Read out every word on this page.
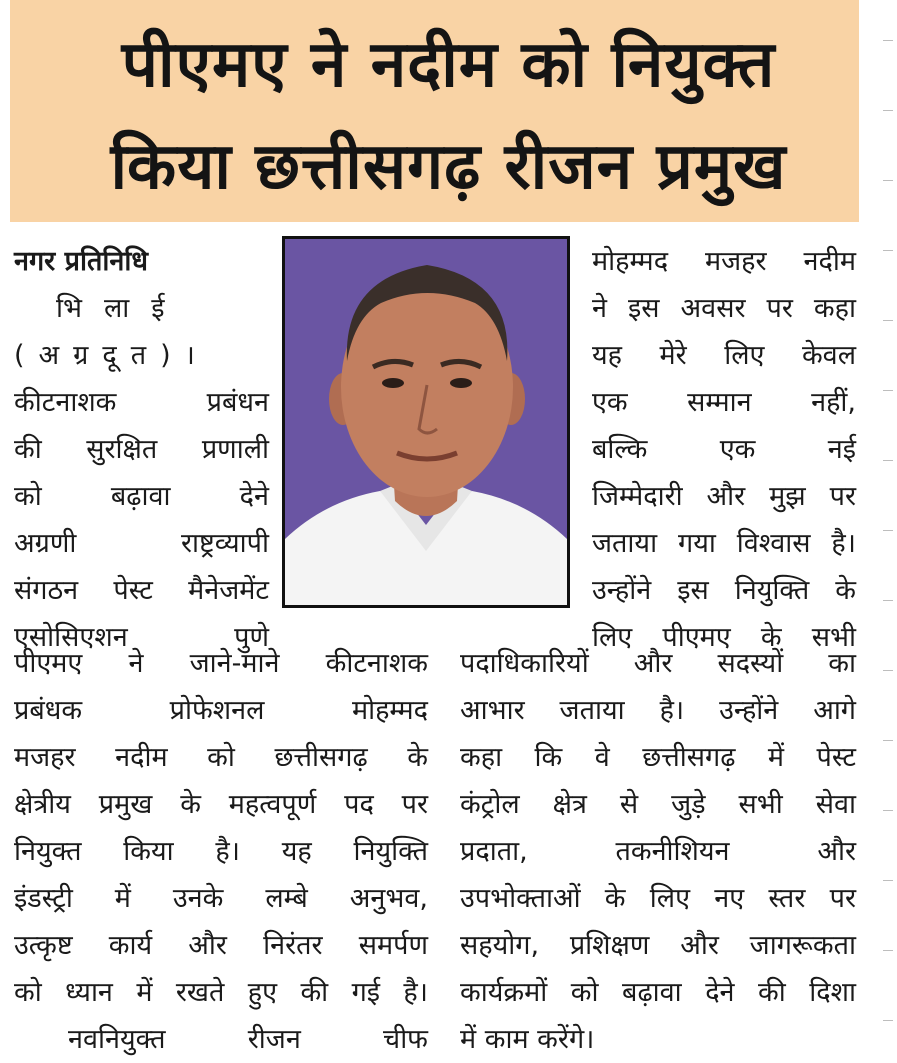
पीएमए ने नदीम को नियुक्त
किया छत्तीसगढ़ रीजन प्रमुख
नगर प्रतिनिधि
भिलाई
(अग्रदूत)।
कीटनाशक प्रबंधन
की सुरक्षित प्रणाली
को बढ़ावा देने
अग्रणी राष्ट्रव्यापी
संगठन पेस्ट मैनेजमेंट
एसोसिएशन पुणे
मोहम्मद मजहर नदीम
ने इस अवसर पर कहा
यह मेरे लिए केवल
एक सम्मान नहीं,
बल्कि एक नई
जिम्मेदारी और मुझ पर
जताया गया विश्वास है।
उन्होंने इस नियुक्ति के
लिए पीएमए के सभी
पीएमए ने जाने-माने कीटनाशक
प्रबंधक प्रोफेशनल मोहम्मद
मजहर नदीम को छत्तीसगढ़ के
क्षेत्रीय प्रमुख के महत्वपूर्ण पद पर
नियुक्त किया है। यह नियुक्ति
इंडस्ट्री में उनके लम्बे अनुभव,
उत्कृष्ट कार्य और निरंतर समर्पण
को ध्यान में रखते हुए की गई है।
नवनियुक्त रीजन चीफ
पदाधिकारियों और सदस्यों का
आभार जताया है। उन्होंने आगे
कहा कि वे छत्तीसगढ़ में पेस्ट
कंट्रोल क्षेत्र से जुड़े सभी सेवा
प्रदाता, तकनीशियन और
उपभोक्ताओं के लिए नए स्तर पर
सहयोग, प्रशिक्षण और जागरूकता
कार्यक्रमों को बढ़ावा देने की दिशा
में काम करेंगे।
